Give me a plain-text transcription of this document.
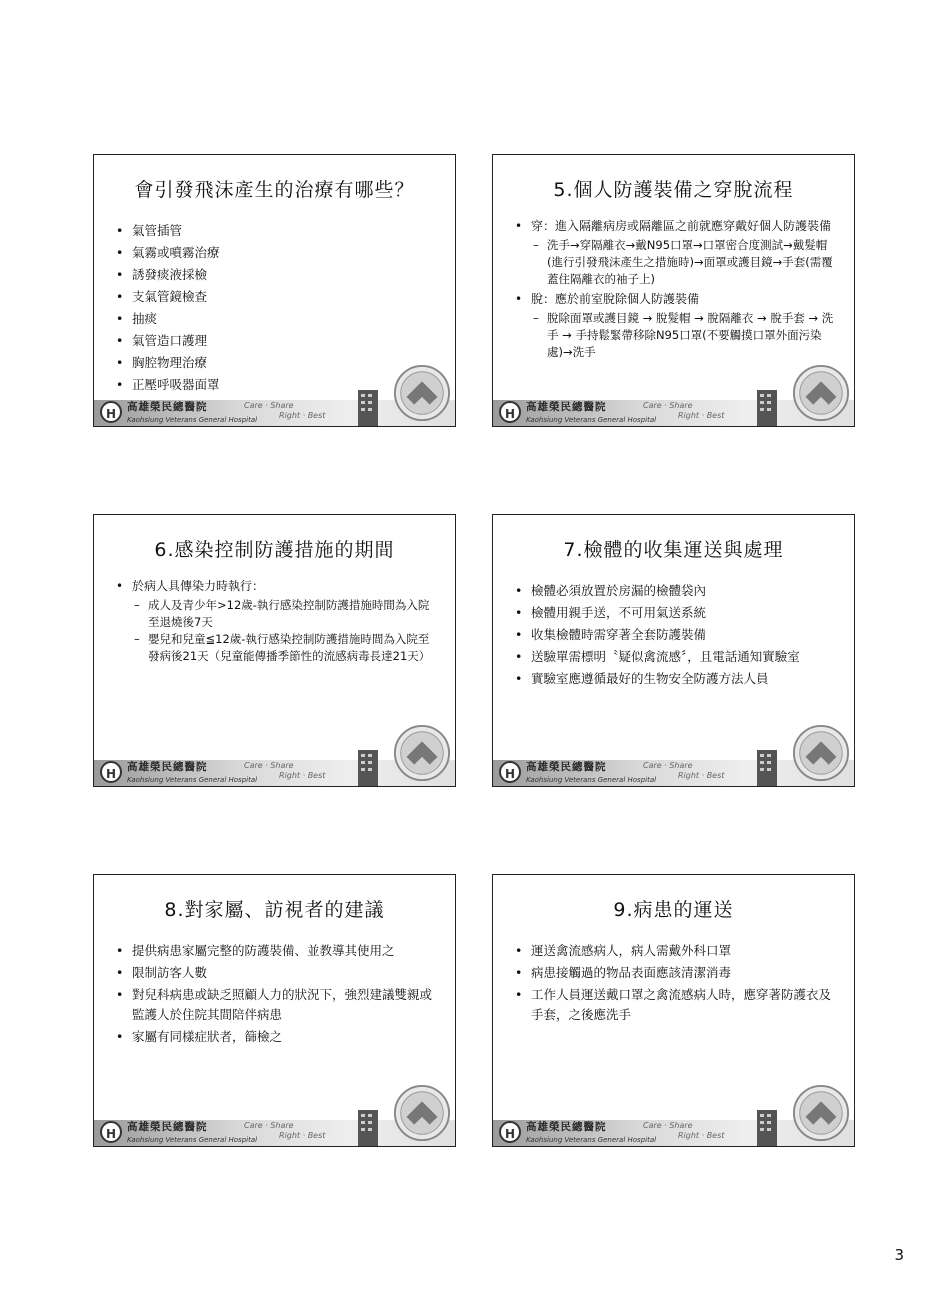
會引發飛沫產生的治療有哪些？
• 氣管插管
• 氣霧或噴霧治療
• 誘發痰液採檢
• 支氣管鏡檢查
• 抽痰
• 氣管造口護理
• 胸腔物理治療
• 正壓呼吸器面罩
H	高雄榮民總醫院
Kaohsiung Veterans General Hospital
Care · Share
Right · Best
5.個人防護裝備之穿脫流程
• 穿：進入隔離病房或隔離區之前就應穿戴好個人防護裝備
– 洗手→穿隔離衣→戴N95口罩→口罩密合度測試→戴髮帽(進行引發飛沫產生之措施時)→面罩或護目鏡→手套(需覆蓋住隔離衣的袖子上)
• 脫：應於前室脫除個人防護裝備
– 脫除面罩或護目鏡 → 脫髮帽 → 脫隔離衣 → 脫手套 → 洗手 → 手持鬆緊帶移除N95口罩(不要觸摸口罩外面污染處)→洗手
H	高雄榮民總醫院
Kaohsiung Veterans General Hospital
Care · Share
Right · Best
6.感染控制防護措施的期間
• 於病人具傳染力時執行：
– 成人及青少年>12歲-執行感染控制防護措施時間為入院至退燒後7天
– 嬰兒和兒童≦12歲-執行感染控制防護措施時間為入院至發病後21天（兒童能傳播季節性的流感病毒長達21天）
H	高雄榮民總醫院
Kaohsiung Veterans General Hospital
Care · Share
Right · Best
7.檢體的收集運送與處理
• 檢體必須放置於房漏的檢體袋內
• 檢體用親手送，不可用氣送系統
• 收集檢體時需穿著全套防護裝備
• 送驗單需標明〝疑似禽流感〞，且電話通知實驗室
• 實驗室應遵循最好的生物安全防護方法人員
H	高雄榮民總醫院
Kaohsiung Veterans General Hospital
Care · Share
Right · Best
8.對家屬、訪視者的建議
• 提供病患家屬完整的防護裝備、並教導其使用之
• 限制訪客人數
• 對兒科病患或缺乏照顧人力的狀況下，強烈建議雙親或監護人於住院其間陪伴病患
• 家屬有同樣症狀者，篩檢之
H	高雄榮民總醫院
Kaohsiung Veterans General Hospital
Care · Share
Right · Best
9.病患的運送
• 運送禽流感病人，病人需戴外科口罩
• 病患接觸過的物品表面應該清潔消毒
• 工作人員運送戴口罩之禽流感病人時，應穿著防護衣及手套，之後應洗手
H	高雄榮民總醫院
Kaohsiung Veterans General Hospital
Care · Share
Right · Best
3
